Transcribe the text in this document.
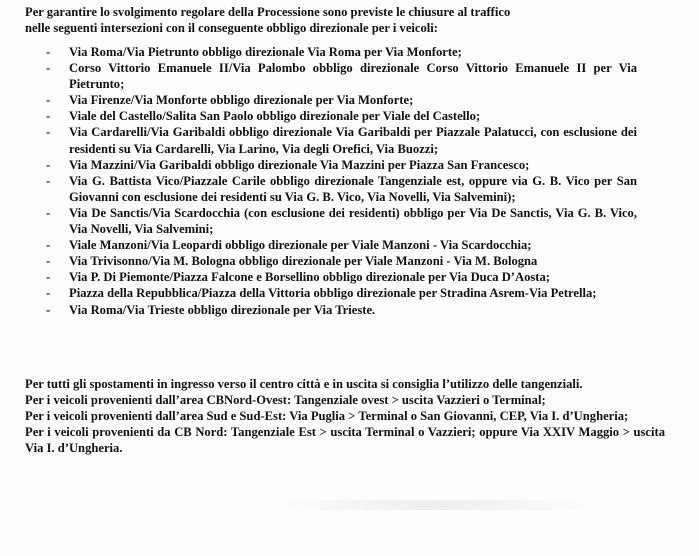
Per garantire lo svolgimento regolare della Processione sono previste le chiusure al traffico
nelle seguenti intersezioni con il conseguente obbligo direzionale per i veicoli:
- Via Roma/Via Pietrunto obbligo direzionale Via Roma per Via Monforte;
- Corso Vittorio Emanuele II/Via Palombo obbligo direzionale Corso Vittorio Emanuele II per Via Pietrunto;
- Via Firenze/Via Monforte obbligo direzionale per Via Monforte;
- Viale del Castello/Salita San Paolo obbligo direzionale per Viale del Castello;
- Via Cardarelli/Via Garibaldi obbligo direzionale Via Garibaldi per Piazzale Palatucci, con esclusione dei residenti su Via Cardarelli, Via Larino, Via degli Orefici, Via Buozzi;
- Via Mazzini/Via Garibaldi obbligo direzionale Via Mazzini per Piazza San Francesco;
- Via G. Battista Vico/Piazzale Carile obbligo direzionale Tangenziale est, oppure via G. B. Vico per San Giovanni con esclusione dei residenti su Via G. B. Vico, Via Novelli, Via Salvemini);
- Via De Sanctis/Via Scardocchia (con esclusione dei residenti) obbligo per Via De Sanctis, Via G. B. Vico, Via Novelli, Via Salvemini;
- Viale Manzoni/Via Leopardi obbligo direzionale per Viale Manzoni - Via Scardocchia;
- Via Trivisonno/Via M. Bologna obbligo direzionale per Viale Manzoni - Via M. Bologna
- Via P. Di Piemonte/Piazza Falcone e Borsellino obbligo direzionale per Via Duca D’Aosta;
- Piazza della Repubblica/Piazza della Vittoria obbligo direzionale per Stradina Asrem-Via Petrella;
- Via Roma/Via Trieste obbligo direzionale per Via Trieste.

Per tutti gli spostamenti in ingresso verso il centro città e in uscita si consiglia l’utilizzo delle tangenziali.

Per i veicoli provenienti dall’area CBNord-Ovest: Tangenziale ovest > uscita Vazzieri o Terminal;

Per i veicoli provenienti dall’area Sud e Sud-Est: Via Puglia > Terminal o San Giovanni, CEP, Via I. d’Ungheria;

Per i veicoli provenienti da CB Nord: Tangenziale Est > uscita Terminal o Vazzieri; oppure Via XXIV Maggio > uscita Via I. d’Ungheria.
